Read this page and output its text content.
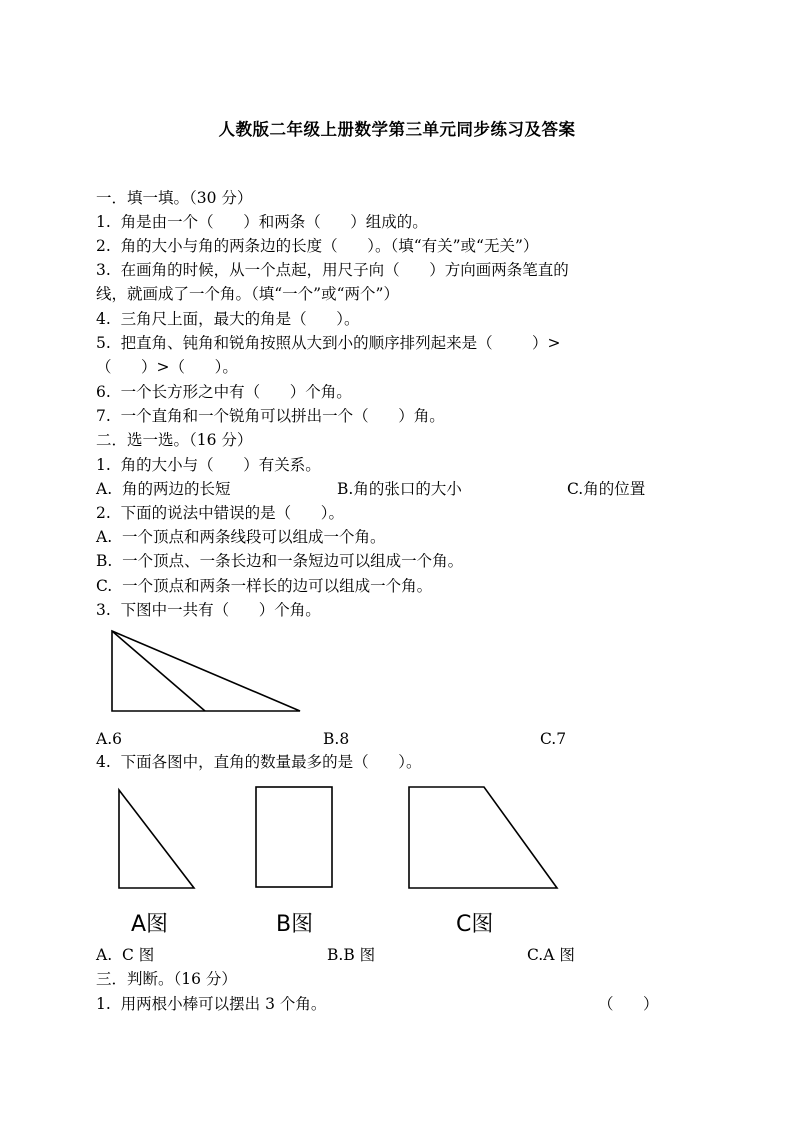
人教版二年级上册数学第三单元同步练习及答案
一．填一填。（30 分）
1.  角是由一个（      ）和两条（      ）组成的。
2.  角的大小与角的两条边的长度（      ）。（填“有关”或“无关”）
3.  在画角的时候，从一个点起，用尺子向（      ）方向画两条笔直的
线，就画成了一个角。（填“一个”或“两个”）
4.  三角尺上面，最大的角是（      ）。
5.  把直角、钝角和锐角按照从大到小的顺序排列起来是（        ）>
（      ）>（      ）。
6.  一个长方形之中有（      ）个角。
7.  一个直角和一个锐角可以拼出一个（      ）角。
二．选一选。（16 分）
1.  角的大小与（      ）有关系。
A.  角的两边的长短	B.角的张口的大小	C.角的位置
2.  下面的说法中错误的是（      ）。
A.  一个顶点和两条线段可以组成一个角。
B.  一个顶点、一条长边和一条短边可以组成一个角。
C.  一个顶点和两条一样长的边可以组成一个角。
3.  下图中一共有（      ）个角。
A.6	B.8	C.7
4.  下面各图中，直角的数量最多的是（      ）。
A图	B图	C图
A.  C 图	B.B 图	C.A 图
三．判断。（16 分）
1.  用两根小棒可以摆出 3 个角。	（      ）
